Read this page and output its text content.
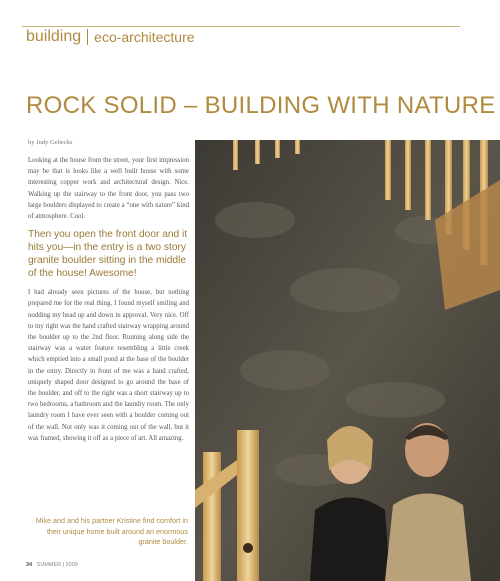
building eco-architecture
ROCK SOLID – BUILDING WITH NATURE
by Judy Gebecks

Looking at the house from the street, your first impression may be that is looks like a well built house with some interesting copper work and architectural design. Nice. Walking up the stairway to the front door, you pass two large boulders displayed to create a “one with nature” kind of atmosphere. Cool.

Then you open the front door and it hits you—in the entry is a two story granite boulder sitting in the middle of the house! Awesome!

I had already seen pictures of the house, but nothing prepared me for the real thing. I found myself smiling and nodding my head up and down in approval. Very nice. Off to my right was the hand crafted stairway wrapping around the boulder up to the 2nd floor. Running along side the stairway was a water feature resembling a little creek which emptied into a small pond at the base of the boulder in the entry. Directly in front of me was a hand crafted, uniquely shaped door designed to go around the base of the boulder, and off to the right was a short stairway up to two bedrooms, a bathroom and the laundry room. The only laundry room I have ever seen with a boulder coming out of the wall. Not only was it coming out of the wall, but it was framed, showing it off as a piece of art. All amazing.

Mike and and his partner Kristine find comfort in their unique home built around an enormous granite boulder.
34 SUMMER | 2009
